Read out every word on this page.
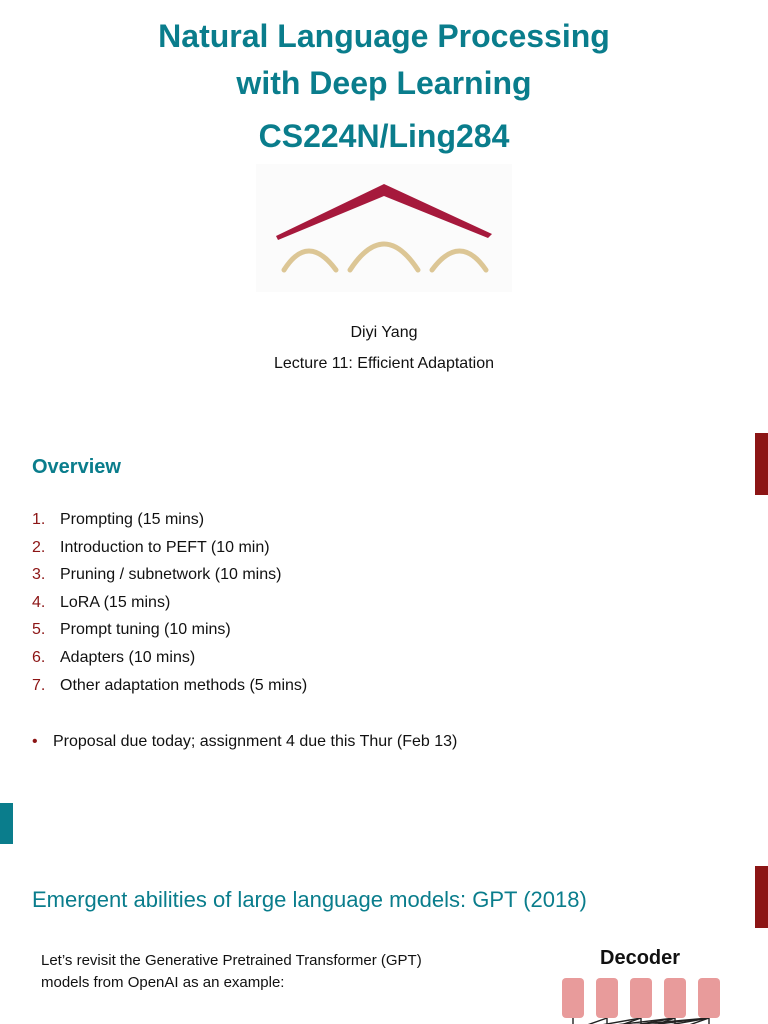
Natural Language Processing
with Deep Learning
CS224N/Ling284
Diyi Yang
Lecture 11: Efficient Adaptation
Overview
1. Prompting (15 mins)
2. Introduction to PEFT (10 min)
3. Pruning / subnetwork (10 mins)
4. LoRA (15 mins)
5. Prompt tuning (10 mins)
6. Adapters (10 mins)
7. Other adaptation methods (5 mins)
• Proposal due today; assignment 4 due this Thur (Feb 13)
Emergent abilities of large language models: GPT (2018)
Let’s revisit the Generative Pretrained Transformer (GPT)
models from OpenAI as an example:
Decoder
